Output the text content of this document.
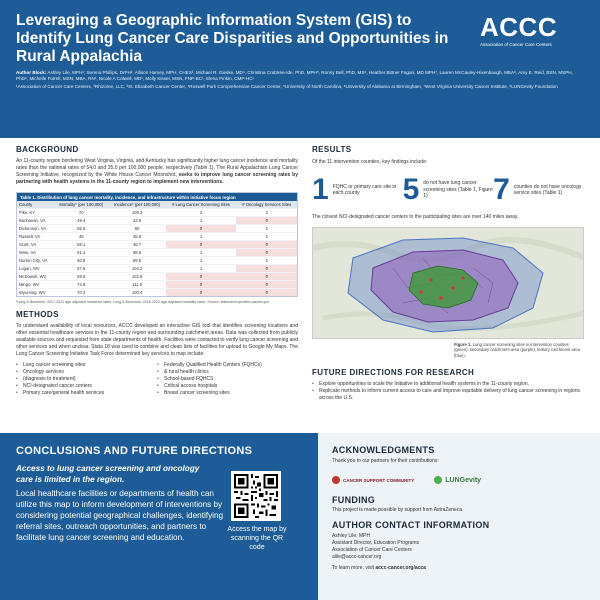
Leveraging a Geographic Information System (GIS) to Identify Lung Cancer Care Disparities and Opportunities in Rural Appalachia
ACCC
Association of Cancer Care Centers
Author Block: Ashley Lile, MPH¹; Serena Phillips, DrPH², Allison Harvey, MPH, CHES³, Michael R. Gieske, MD⁴, Christina Crabtree-Ide, PhD, MPH⁵, Ronny Bell, PhD, MS⁶, Heather Bittner Fagan, MD MPH⁷, Lauren McCauley-Hixenbaugh, MBA⁸, Amy E. Reid, BSN, MSPH, PhD⁹, Michelle Futrell, MSN, MBA, RN¹, Nicole A Colwell, MD¹, Molly Kissel, MSN, FNP-BC¹, Elena Pinkin, CMP-HC¹
¹Association of Cancer Care Centers, ²Rhizome, LLC, ³St. Elizabeth Cancer Center, ⁴Roswell Park Comprehensive Cancer Center, ⁵University of North Carolina, ⁶University of Alabama at Birmingham, ⁷West Virginia University Cancer Institute, ⁸LUNGevity Foundation
BACKGROUND
An 11-county region bordering West Virginia, Virginia, and Kentucky has significantly higher lung cancer incidence and mortality rates than the national rates of 54.0 and 35.0 per 100,000 people, respectively (Table 1). The Rural Appalachian Lung Cancer Screening Initiative, recognized by the White House Cancer Moonshot, seeks to improve lung cancer screening rates by partnering with health systems in the 11-county region to implement new interventions.
Table 1. Distribution of lung cancer mortality, incidence, and infrastructure within initiative focus region
County	Mortality* (per 100,000)	Incidence* (per 100,000)	# Lung Cancer Screening Sites	# Oncology Services Sites
Pike, KY	70	109.3	2	2
Buchanan, VA	49.4	42.9	1	0
Dickenson, VA	55.9	50	0	1
Russell, VA	45	45.8	1	1
Scott, VA	58.1	46.7	0	0
Wise, VA	61.4	68.6	1	0
Norton City, VA	60.8	89.5	1	1
Logan, WV	57.6	104.2	1	0
McDowell, WV	59.8	102.8	0	0
Mingo, WV	74.8	111.5	0	0
Wyoming, WV	70.3	100.4	0	0
*Lung & Bronchus, 2017-2021 age-adjusted incidence rates, Lung & Bronchus, 2018-2022 age-adjusted mortality rates. Source: statecancerprofiles.cancer.gov
METHODS
To understand availability of local resources, ACCC developed an interactive GIS tool that identifies screening locations and other essential healthcare services in the 11-county region and surrounding catchment areas. Data was collected from publicly available sources and requested from state departments of health. Facilities were contacted to verify lung cancer screening and other services and when unclear. Stata 18 was used to combine and clean lists of facilities for upload to Google My Maps. The Lung Cancer Screening Initiative Task Force determined key services to map include:
• Lung cancer screening sites
• Oncology services
• (diagnosis to treatment)
• NCI-designated cancer centers
• Primary care/general health services
• Federally Qualified Health Centers (FQHCs)
• & rural health clinics
• School-based FQHCS
• Critical access hospitals
• Breast cancer screening sites
RESULTS
Of the 11 intervention counties, key findings include:
1 FQHC or primary care site in each county	5 do not have lung cancer screening sites (Table 1, Figure 1)	7 counties do not have oncology service sites (Table 1)
The closest NCI-designated cancer centers to the participating sites are over 140 miles away.
Figure 1. Lung cancer screening sites in intervention counties (green), secondary catchment area (purple), tertiary catchment area (blue).
FUTURE DIRECTIONS FOR RESEARCH
• Explore opportunities to scale the Initiative to additional health systems in the 11-county region.
• Replicate methods to inform current access to care and improve equitable delivery of lung cancer screening in regions across the U.S.
CONCLUSIONS AND FUTURE DIRECTIONS
Access to lung cancer screening and oncology care is limited in the region.
Local healthcare facilities or departments of health can utilize this map to inform development of interventions by considering potential geographical challenges, identifying referral sites, outreach opportunities, and partners to facilitate lung cancer screening and education.
Access the map by scanning the QR code
ACKNOWLEDGMENTS
Thank you to our partners for their contributions:
CANCER SUPPORT COMMUNITY	LUNGevity
FUNDING
This project is made possible by support from AstraZeneca.
AUTHOR CONTACT INFORMATION
Ashley Lile, MPH
Assistant Director, Education Programs
Association of Cancer Care Centers
alile@accc-cancer.org
To learn more, visit accc-cancer.org/acca
